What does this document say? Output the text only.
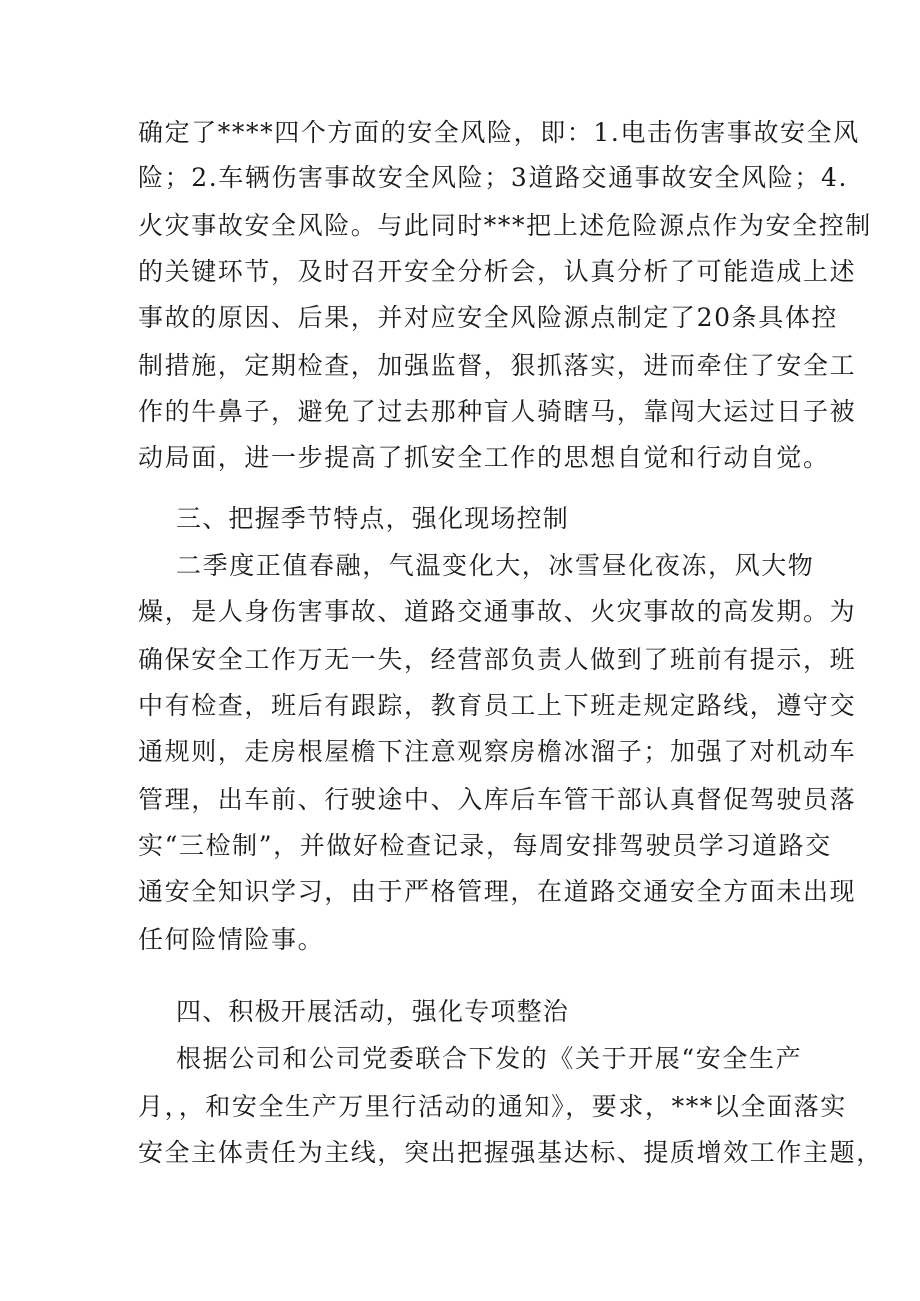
确定了****四个方面的安全风险，即：1.电击伤害事故安全风
险；2.车辆伤害事故安全风险；3道路交通事故安全风险；4.
火灾事故安全风险。与此同时***把上述危险源点作为安全控制
的关键环节，及时召开安全分析会，认真分析了可能造成上述
事故的原因、后果，并对应安全风险源点制定了20条具体控
制措施，定期检查，加强监督，狠抓落实，进而牵住了安全工
作的牛鼻子，避免了过去那种盲人骑瞎马，靠闯大运过日子被
动局面，进一步提高了抓安全工作的思想自觉和行动自觉。
三、把握季节特点，强化现场控制
二季度正值春融，气温变化大，冰雪昼化夜冻，风大物
燥，是人身伤害事故、道路交通事故、火灾事故的高发期。为
确保安全工作万无一失，经营部负责人做到了班前有提示，班
中有检查，班后有跟踪，教育员工上下班走规定路线，遵守交
通规则，走房根屋檐下注意观察房檐冰溜子；加强了对机动车
管理，出车前、行驶途中、入库后车管干部认真督促驾驶员落
实“三检制”，并做好检查记录，每周安排驾驶员学习道路交
通安全知识学习，由于严格管理，在道路交通安全方面未出现
任何险情险事。
四、积极开展活动，强化专项整治
根据公司和公司党委联合下发的《关于开展“安全生产
月，，和安全生产万里行活动的通知》，要求，***以全面落实
安全主体责任为主线，突出把握强基达标、提质增效工作主题，
